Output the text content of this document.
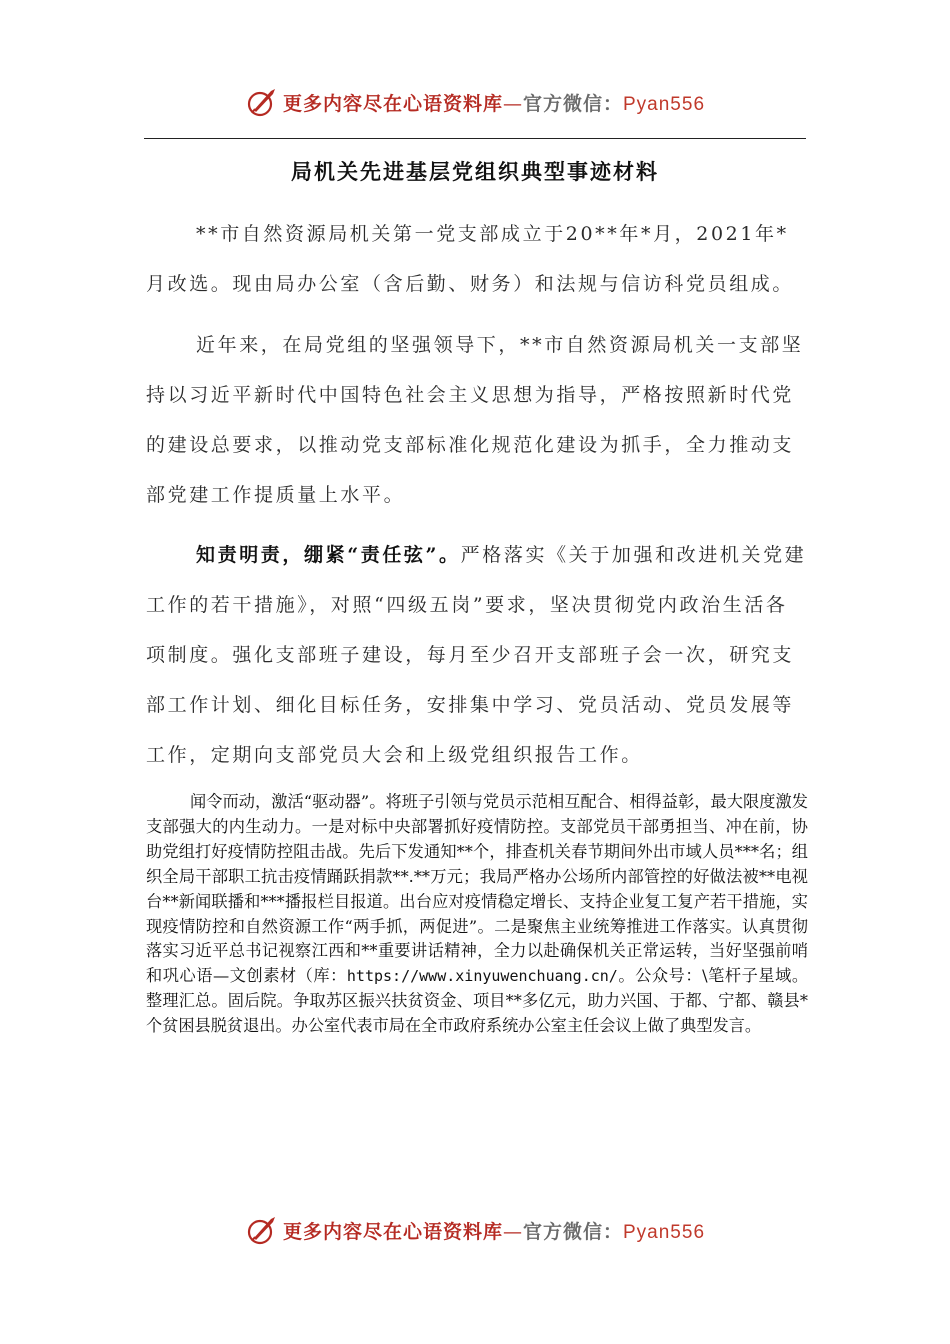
更多内容尽在心语资料库—官方微信：Pyan556
局机关先进基层党组织典型事迹材料

**市自然资源局机关第一党支部成立于20**年*月，2021年*月改选。现由局办公室（含后勤、财务）和法规与信访科党员组成。

近年来，在局党组的坚强领导下，**市自然资源局机关一支部坚持以习近平新时代中国特色社会主义思想为指导，严格按照新时代党的建设总要求，以推动党支部标准化规范化建设为抓手，全力推动支部党建工作提质量上水平。

知责明责，绷紧“责任弦”。严格落实《关于加强和改进机关党建工作的若干措施》，对照“四级五岗”要求，坚决贯彻党内政治生活各项制度。强化支部班子建设，每月至少召开支部班子会一次，研究支部工作计划、细化目标任务，安排集中学习、党员活动、党员发展等工作，定期向支部党员大会和上级党组织报告工作。

闻令而动，激活“驱动器”。将班子引领与党员示范相互配合、相得益彰，最大限度激发支部强大的内生动力。一是对标中央部署抓好疫情防控。支部党员干部勇担当、冲在前，协助党组打好疫情防控阻击战。先后下发通知**个，排查机关春节期间外出市域人员***名；组织全局干部职工抗击疫情踊跃捐款**.**万元；我局严格办公场所内部管控的好做法被**电视台**新闻联播和***播报栏目报道。出台应对疫情稳定增长、支持企业复工复产若干措施，实现疫情防控和自然资源工作“两手抓，两促进”。二是聚焦主业统筹推进工作落实。认真贯彻落实习近平总书记视察江西和**重要讲话精神，全力以赴确保机关正常运转，当好坚强前哨和巩心语—文创素材（库：https://www.xinyuwenchuang.cn/。公众号：\笔杆子星域。整理汇总。固后院。争取苏区振兴扶贫资金、项目**多亿元，助力兴国、于都、宁都、赣县*个贫困县脱贫退出。办公室代表市局在全市政府系统办公室主任会议上做了典型发言。

更多内容尽在心语资料库—官方微信：Pyan556
